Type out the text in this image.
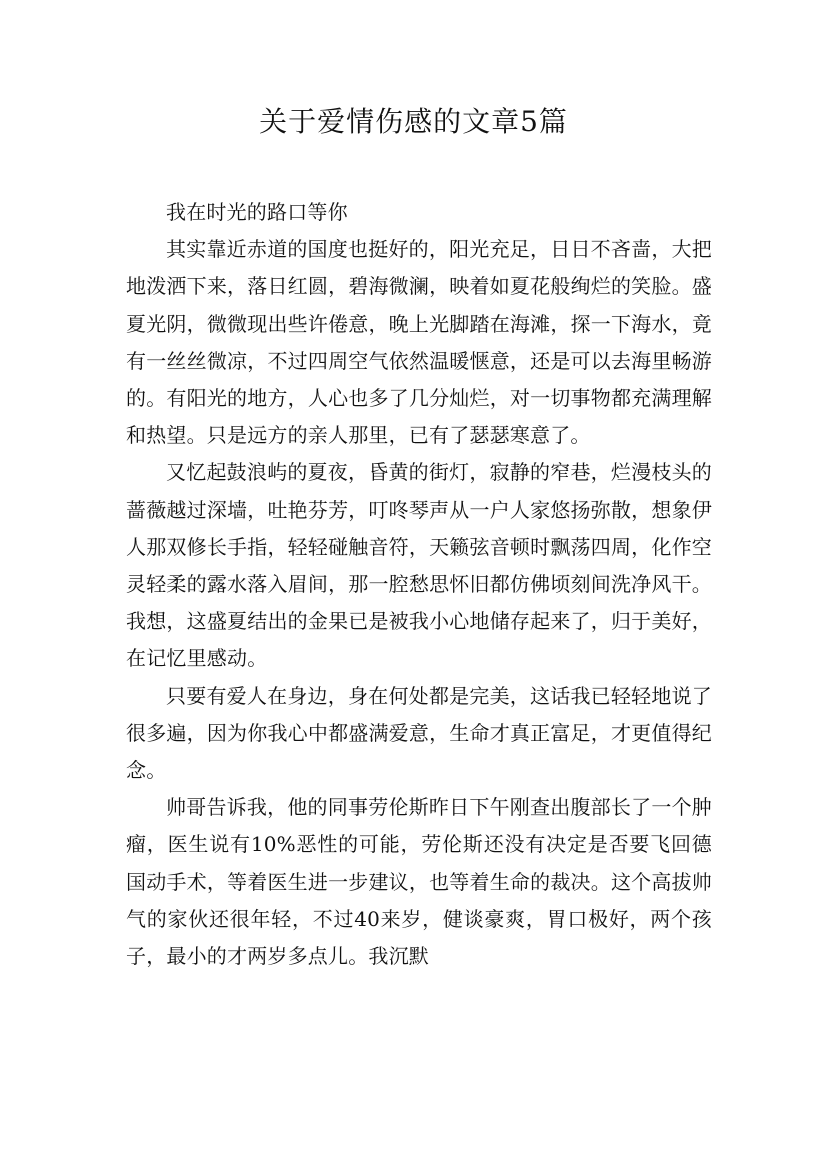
关于爱情伤感的文章5篇

我在时光的路口等你

其实靠近赤道的国度也挺好的，阳光充足，日日不吝啬，大把地泼洒下来，落日红圆，碧海微澜，映着如夏花般绚烂的笑脸。盛夏光阴，微微现出些许倦意，晚上光脚踏在海滩，探一下海水，竟有一丝丝微凉，不过四周空气依然温暖惬意，还是可以去海里畅游的。有阳光的地方，人心也多了几分灿烂，对一切事物都充满理解和热望。只是远方的亲人那里，已有了瑟瑟寒意了。

又忆起鼓浪屿的夏夜，昏黄的街灯，寂静的窄巷，烂漫枝头的蔷薇越过深墙，吐艳芬芳，叮咚琴声从一户人家悠扬弥散，想象伊人那双修长手指，轻轻碰触音符，天籁弦音顿时飘荡四周，化作空灵轻柔的露水落入眉间，那一腔愁思怀旧都仿佛顷刻间洗净风干。我想，这盛夏结出的金果已是被我小心地储存起来了，归于美好，在记忆里感动。

只要有爱人在身边，身在何处都是完美，这话我已轻轻地说了很多遍，因为你我心中都盛满爱意，生命才真正富足，才更值得纪念。

帅哥告诉我，他的同事劳伦斯昨日下午刚查出腹部长了一个肿瘤，医生说有10%恶性的可能，劳伦斯还没有决定是否要飞回德国动手术，等着医生进一步建议，也等着生命的裁决。这个高拔帅气的家伙还很年轻，不过40来岁，健谈豪爽，胃口极好，两个孩子，最小的才两岁多点儿。我沉默
